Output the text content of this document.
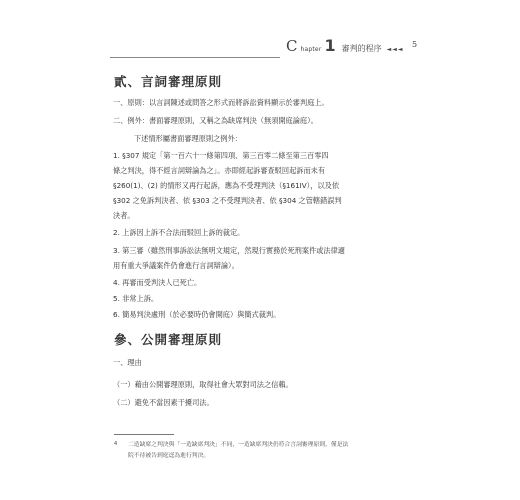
C hapter 1 審判的程序 ◄◄◄
5
貳、言詞審理原則
一、原則：以言詞陳述或問答之形式而將訴訟資料顯示於審判庭上。
二、例外：書面審理原則，又稱之為缺席判決（無須開庭論庭）。
下述情形屬書面審理原則之例外：
1. §307 規定「第一百六十一條第四項、第三百零二條至第三百零四
條之判決，得不經言詞辯論為之」。亦即經起訴審查駁回起訴而未有
§260(1)、(2) 的情形又再行起訴，應為不受理判決（§161IV），以及依
§302 之免訴判決者、依 §303 之不受理判決者、依 §304 之管轄錯誤判
決者。
2. 上訴因上訴不合法而駁回上訴的裁定。
3. 第三審（雖然刑事訴訟法無明文規定，然現行實務於死刑案件或法律適
用有重大爭議案件仍會進行言詞辯論）。
4. 再審而受判決人已死亡。
5. 非常上訴。
6. 簡易判決處刑（於必要時仍會開庭）與簡式裁判。
參、公開審理原則
一、理由
（一）藉由公開審理原則，取得社會大眾對司法之信賴。
（二）避免不當因素干擾司法。
4 二造缺席之判決與「一造缺席判決」不同，一造缺席判決仍符合言詞審理原則，僅是法
院不待被告到庭逕為進行判決。
